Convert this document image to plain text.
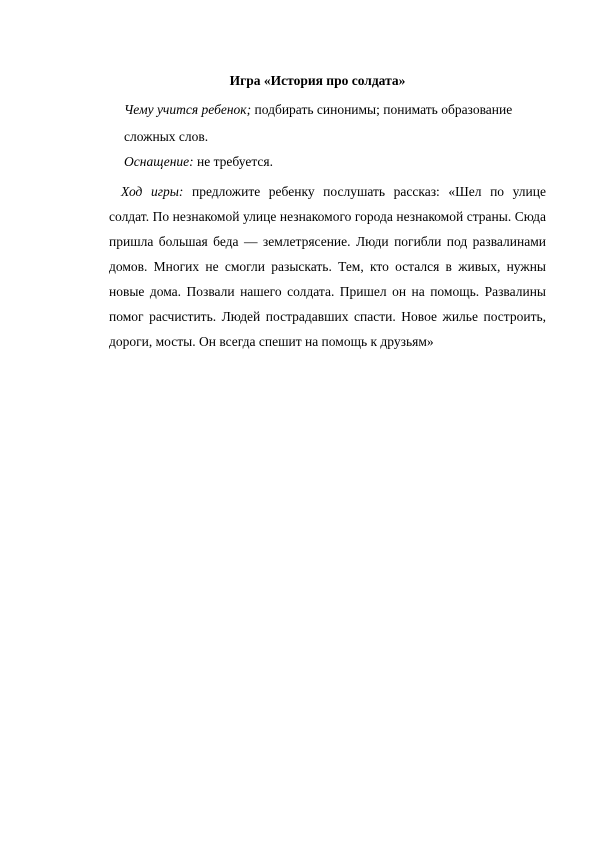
Игра «История про солдата»
Чему учится ребенок; подбирать синонимы; понимать образование
сложных слов.
Оснащение: не требуется.
Ход игры: предложите ребенку послушать рассказ: «Шел по улице
солдат. По незнакомой улице незнакомого города незнакомой страны. Сюда
пришла большая беда — землетрясение. Люди погибли под развалинами
домов. Многих не смогли разыскать. Тем, кто остался в живых, нужны
новые дома. Позвали нашего солдата. Пришел он на помощь. Развалины
помог расчистить. Людей пострадавших спасти. Новое жилье построить,
дороги, мосты. Он всегда спешит на помощь к друзьям»
